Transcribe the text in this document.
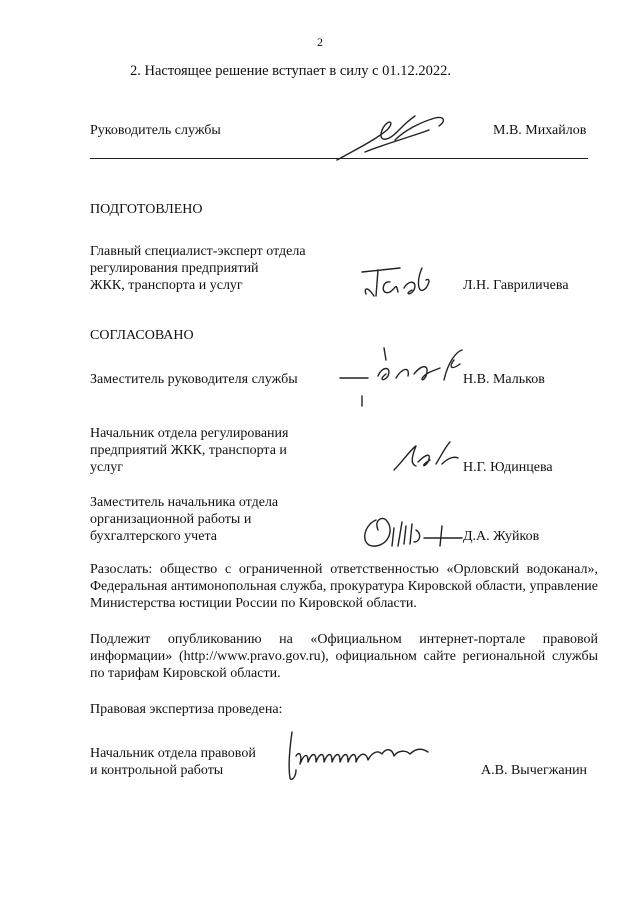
2
2. Настоящее решение вступает в силу с 01.12.2022.
Руководитель службы	М.В. Михайлов
ПОДГОТОВЛЕНО
Главный специалист-эксперт отдела
регулирования предприятий
ЖКК, транспорта и услуг	Л.Н. Гавриличева
СОГЛАСОВАНО
Заместитель руководителя службы	Н.В. Мальков
Начальник отдела регулирования
предприятий ЖКК, транспорта и
услуг	Н.Г. Юдинцева
Заместитель начальника отдела
организационной работы и
бухгалтерского учета	Д.А. Жуйков
Разослать: общество с ограниченной ответственностью «Орловский водоканал», Федеральная антимонопольная служба, прокуратура Кировской области, управление Министерства юстиции России по Кировской области.
Подлежит опубликованию на «Официальном интернет-портале правовой информации» (http://www.pravo.gov.ru), официальном сайте региональной службы по тарифам Кировской области.
Правовая экспертиза проведена:
Начальник отдела правовой
и контрольной работы	А.В. Вычегжанин
